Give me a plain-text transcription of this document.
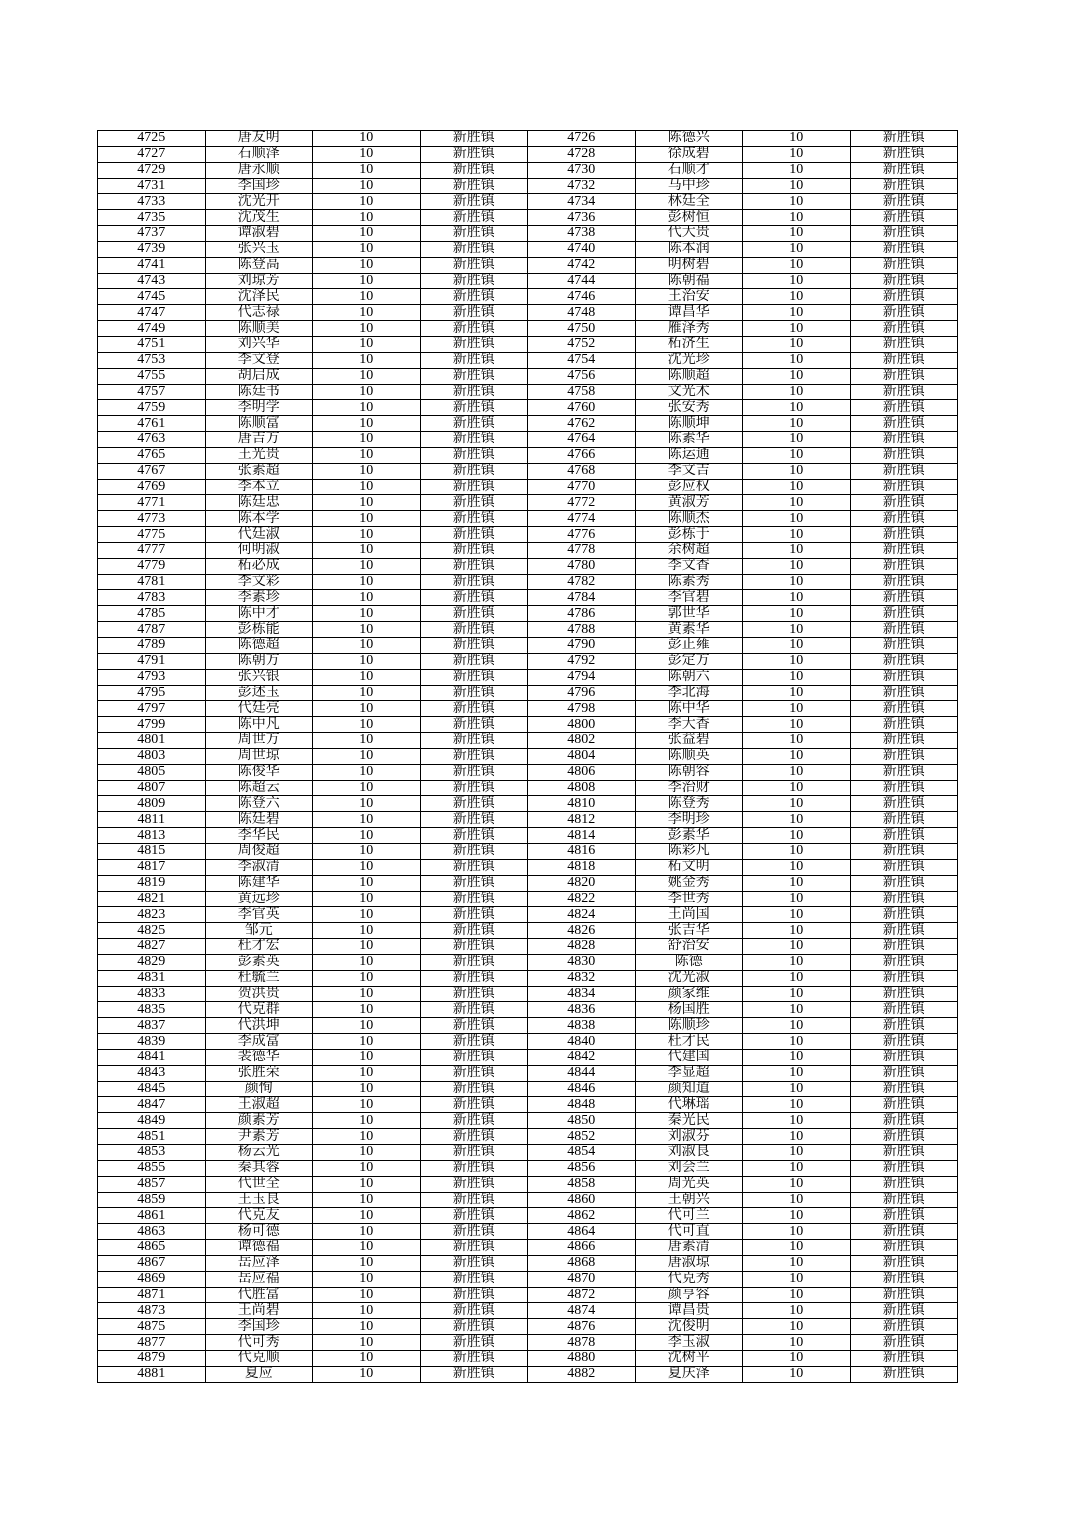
4725	唐友明	10	新胜镇	4726	陈德兴	10	新胜镇
4727	石顺泽	10	新胜镇	4728	徐成碧	10	新胜镇
4729	唐永顺	10	新胜镇	4730	石顺才	10	新胜镇
4731	李国珍	10	新胜镇	4732	马中珍	10	新胜镇
4733	沈光开	10	新胜镇	4734	林廷全	10	新胜镇
4735	沈茂生	10	新胜镇	4736	彭树恒	10	新胜镇
4737	谭淑碧	10	新胜镇	4738	代大贵	10	新胜镇
4739	张兴玉	10	新胜镇	4740	陈本润	10	新胜镇
4741	陈登高	10	新胜镇	4742	明树碧	10	新胜镇
4743	刘琼芳	10	新胜镇	4744	陈朝福	10	新胜镇
4745	沈泽民	10	新胜镇	4746	王治安	10	新胜镇
4747	代志禄	10	新胜镇	4748	谭昌华	10	新胜镇
4749	陈顺美	10	新胜镇	4750	雁泽秀	10	新胜镇
4751	刘兴华	10	新胜镇	4752	柘济生	10	新胜镇
4753	李文登	10	新胜镇	4754	沈光珍	10	新胜镇
4755	胡启成	10	新胜镇	4756	陈顺超	10	新胜镇
4757	陈廷书	10	新胜镇	4758	文光术	10	新胜镇
4759	李明学	10	新胜镇	4760	张安秀	10	新胜镇
4761	陈顺富	10	新胜镇	4762	陈顺坤	10	新胜镇
4763	唐吉方	10	新胜镇	4764	陈素华	10	新胜镇
4765	王光贵	10	新胜镇	4766	陈运通	10	新胜镇
4767	张素超	10	新胜镇	4768	李文吉	10	新胜镇
4769	李本立	10	新胜镇	4770	彭应权	10	新胜镇
4771	陈廷忠	10	新胜镇	4772	黄淑芳	10	新胜镇
4773	陈本学	10	新胜镇	4774	陈顺杰	10	新胜镇
4775	代廷淑	10	新胜镇	4776	彭栋于	10	新胜镇
4777	何明淑	10	新胜镇	4778	余树超	10	新胜镇
4779	柘必成	10	新胜镇	4780	李文香	10	新胜镇
4781	李文彩	10	新胜镇	4782	陈素秀	10	新胜镇
4783	李素珍	10	新胜镇	4784	李官碧	10	新胜镇
4785	陈中才	10	新胜镇	4786	郭世华	10	新胜镇
4787	彭栋能	10	新胜镇	4788	黄素华	10	新胜镇
4789	陈德超	10	新胜镇	4790	彭正雍	10	新胜镇
4791	陈朝方	10	新胜镇	4792	彭定方	10	新胜镇
4793	张兴银	10	新胜镇	4794	陈朝六	10	新胜镇
4795	彭述玉	10	新胜镇	4796	李北海	10	新胜镇
4797	代廷亮	10	新胜镇	4798	陈中华	10	新胜镇
4799	陈中凡	10	新胜镇	4800	李大香	10	新胜镇
4801	周世方	10	新胜镇	4802	张益碧	10	新胜镇
4803	周世琼	10	新胜镇	4804	陈顺英	10	新胜镇
4805	陈俊华	10	新胜镇	4806	陈朝容	10	新胜镇
4807	陈超云	10	新胜镇	4808	李治财	10	新胜镇
4809	陈登六	10	新胜镇	4810	陈登秀	10	新胜镇
4811	陈廷碧	10	新胜镇	4812	李明珍	10	新胜镇
4813	李华民	10	新胜镇	4814	彭素华	10	新胜镇
4815	周俊超	10	新胜镇	4816	陈彩凡	10	新胜镇
4817	李淑清	10	新胜镇	4818	柘文明	10	新胜镇
4819	陈建华	10	新胜镇	4820	姚金秀	10	新胜镇
4821	黄远珍	10	新胜镇	4822	李世秀	10	新胜镇
4823	李官英	10	新胜镇	4824	王尚国	10	新胜镇
4825	邹元	10	新胜镇	4826	张吉华	10	新胜镇
4827	杜才宏	10	新胜镇	4828	舒治安	10	新胜镇
4829	彭素英	10	新胜镇	4830	陈德	10	新胜镇
4831	杜毓兰	10	新胜镇	4832	沈光淑	10	新胜镇
4833	贺洪贵	10	新胜镇	4834	颜家维	10	新胜镇
4835	代克群	10	新胜镇	4836	杨国胜	10	新胜镇
4837	代洪坤	10	新胜镇	4838	陈顺珍	10	新胜镇
4839	李成富	10	新胜镇	4840	杜才民	10	新胜镇
4841	裴德华	10	新胜镇	4842	代建国	10	新胜镇
4843	张胜荣	10	新胜镇	4844	李显超	10	新胜镇
4845	颜恂	10	新胜镇	4846	颜知道	10	新胜镇
4847	王淑超	10	新胜镇	4848	代琳瑶	10	新胜镇
4849	颜素芳	10	新胜镇	4850	秦光民	10	新胜镇
4851	尹素芳	10	新胜镇	4852	刘淑芬	10	新胜镇
4853	杨云光	10	新胜镇	4854	刘淑良	10	新胜镇
4855	秦其蓉	10	新胜镇	4856	刘会兰	10	新胜镇
4857	代世全	10	新胜镇	4858	周光英	10	新胜镇
4859	王玉良	10	新胜镇	4860	王朝兴	10	新胜镇
4861	代克友	10	新胜镇	4862	代可兰	10	新胜镇
4863	杨可德	10	新胜镇	4864	代可直	10	新胜镇
4865	谭德福	10	新胜镇	4866	唐素清	10	新胜镇
4867	岳应泽	10	新胜镇	4868	唐淑琼	10	新胜镇
4869	岳应福	10	新胜镇	4870	代克秀	10	新胜镇
4871	代胜富	10	新胜镇	4872	颜亨容	10	新胜镇
4873	王尚碧	10	新胜镇	4874	谭昌贵	10	新胜镇
4875	李国珍	10	新胜镇	4876	沈俊明	10	新胜镇
4877	代可秀	10	新胜镇	4878	李玉淑	10	新胜镇
4879	代克顺	10	新胜镇	4880	沈树平	10	新胜镇
4881	夏应	10	新胜镇	4882	夏庆泽	10	新胜镇
